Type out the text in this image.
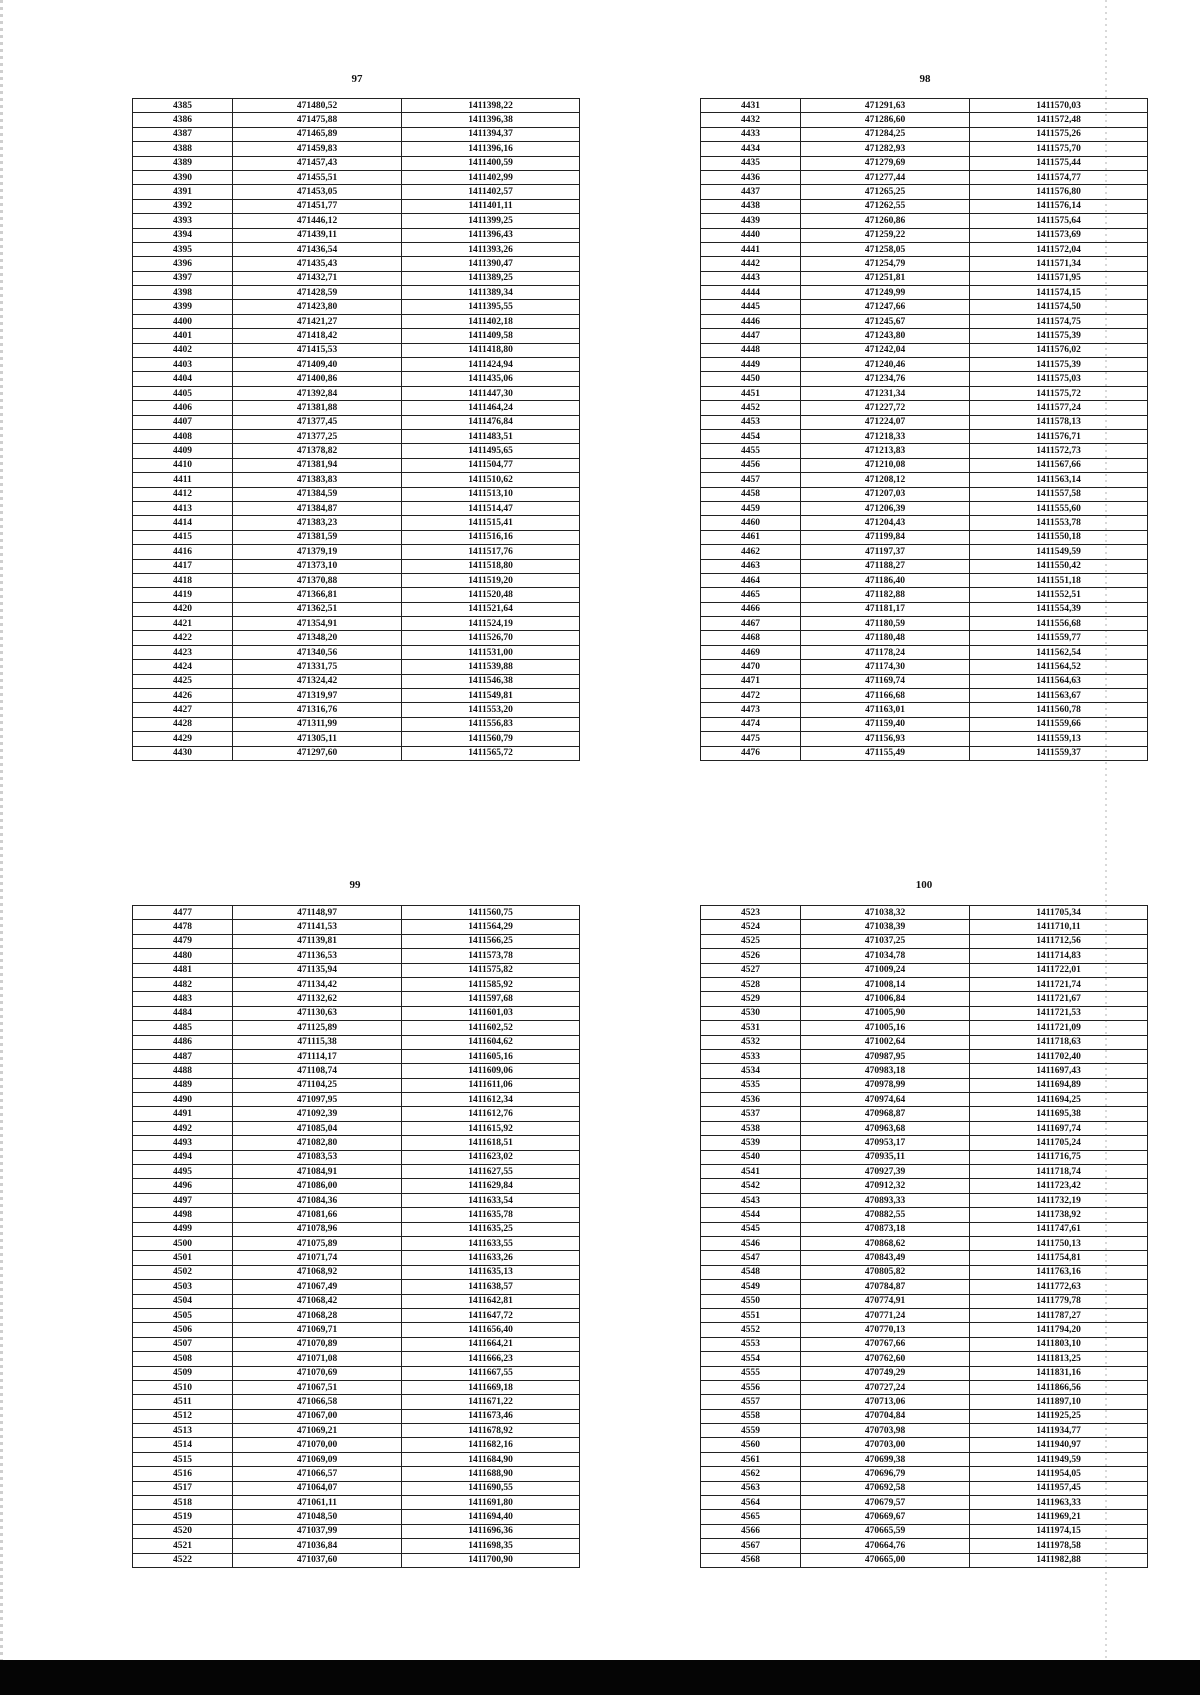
97
4385	471480,52	1411398,22
4386	471475,88	1411396,38
4387	471465,89	1411394,37
4388	471459,83	1411396,16
4389	471457,43	1411400,59
4390	471455,51	1411402,99
4391	471453,05	1411402,57
4392	471451,77	1411401,11
4393	471446,12	1411399,25
4394	471439,11	1411396,43
4395	471436,54	1411393,26
4396	471435,43	1411390,47
4397	471432,71	1411389,25
4398	471428,59	1411389,34
4399	471423,80	1411395,55
4400	471421,27	1411402,18
4401	471418,42	1411409,58
4402	471415,53	1411418,80
4403	471409,40	1411424,94
4404	471400,86	1411435,06
4405	471392,84	1411447,30
4406	471381,88	1411464,24
4407	471377,45	1411476,84
4408	471377,25	1411483,51
4409	471378,82	1411495,65
4410	471381,94	1411504,77
4411	471383,83	1411510,62
4412	471384,59	1411513,10
4413	471384,87	1411514,47
4414	471383,23	1411515,41
4415	471381,59	1411516,16
4416	471379,19	1411517,76
4417	471373,10	1411518,80
4418	471370,88	1411519,20
4419	471366,81	1411520,48
4420	471362,51	1411521,64
4421	471354,91	1411524,19
4422	471348,20	1411526,70
4423	471340,56	1411531,00
4424	471331,75	1411539,88
4425	471324,42	1411546,38
4426	471319,97	1411549,81
4427	471316,76	1411553,20
4428	471311,99	1411556,83
4429	471305,11	1411560,79
4430	471297,60	1411565,72
98
4431	471291,63	1411570,03
4432	471286,60	1411572,48
4433	471284,25	1411575,26
4434	471282,93	1411575,70
4435	471279,69	1411575,44
4436	471277,44	1411574,77
4437	471265,25	1411576,80
4438	471262,55	1411576,14
4439	471260,86	1411575,64
4440	471259,22	1411573,69
4441	471258,05	1411572,04
4442	471254,79	1411571,34
4443	471251,81	1411571,95
4444	471249,99	1411574,15
4445	471247,66	1411574,50
4446	471245,67	1411574,75
4447	471243,80	1411575,39
4448	471242,04	1411576,02
4449	471240,46	1411575,39
4450	471234,76	1411575,03
4451	471231,34	1411575,72
4452	471227,72	1411577,24
4453	471224,07	1411578,13
4454	471218,33	1411576,71
4455	471213,83	1411572,73
4456	471210,08	1411567,66
4457	471208,12	1411563,14
4458	471207,03	1411557,58
4459	471206,39	1411555,60
4460	471204,43	1411553,78
4461	471199,84	1411550,18
4462	471197,37	1411549,59
4463	471188,27	1411550,42
4464	471186,40	1411551,18
4465	471182,88	1411552,51
4466	471181,17	1411554,39
4467	471180,59	1411556,68
4468	471180,48	1411559,77
4469	471178,24	1411562,54
4470	471174,30	1411564,52
4471	471169,74	1411564,63
4472	471166,68	1411563,67
4473	471163,01	1411560,78
4474	471159,40	1411559,66
4475	471156,93	1411559,13
4476	471155,49	1411559,37
99
4477	471148,97	1411560,75
4478	471141,53	1411564,29
4479	471139,81	1411566,25
4480	471136,53	1411573,78
4481	471135,94	1411575,82
4482	471134,42	1411585,92
4483	471132,62	1411597,68
4484	471130,63	1411601,03
4485	471125,89	1411602,52
4486	471115,38	1411604,62
4487	471114,17	1411605,16
4488	471108,74	1411609,06
4489	471104,25	1411611,06
4490	471097,95	1411612,34
4491	471092,39	1411612,76
4492	471085,04	1411615,92
4493	471082,80	1411618,51
4494	471083,53	1411623,02
4495	471084,91	1411627,55
4496	471086,00	1411629,84
4497	471084,36	1411633,54
4498	471081,66	1411635,78
4499	471078,96	1411635,25
4500	471075,89	1411633,55
4501	471071,74	1411633,26
4502	471068,92	1411635,13
4503	471067,49	1411638,57
4504	471068,42	1411642,81
4505	471068,28	1411647,72
4506	471069,71	1411656,40
4507	471070,89	1411664,21
4508	471071,08	1411666,23
4509	471070,69	1411667,55
4510	471067,51	1411669,18
4511	471066,58	1411671,22
4512	471067,00	1411673,46
4513	471069,21	1411678,92
4514	471070,00	1411682,16
4515	471069,09	1411684,90
4516	471066,57	1411688,90
4517	471064,07	1411690,55
4518	471061,11	1411691,80
4519	471048,50	1411694,40
4520	471037,99	1411696,36
4521	471036,84	1411698,35
4522	471037,60	1411700,90
100
4523	471038,32	1411705,34
4524	471038,39	1411710,11
4525	471037,25	1411712,56
4526	471034,78	1411714,83
4527	471009,24	1411722,01
4528	471008,14	1411721,74
4529	471006,84	1411721,67
4530	471005,90	1411721,53
4531	471005,16	1411721,09
4532	471002,64	1411718,63
4533	470987,95	1411702,40
4534	470983,18	1411697,43
4535	470978,99	1411694,89
4536	470974,64	1411694,25
4537	470968,87	1411695,38
4538	470963,68	1411697,74
4539	470953,17	1411705,24
4540	470935,11	1411716,75
4541	470927,39	1411718,74
4542	470912,32	1411723,42
4543	470893,33	1411732,19
4544	470882,55	1411738,92
4545	470873,18	1411747,61
4546	470868,62	1411750,13
4547	470843,49	1411754,81
4548	470805,82	1411763,16
4549	470784,87	1411772,63
4550	470774,91	1411779,78
4551	470771,24	1411787,27
4552	470770,13	1411794,20
4553	470767,66	1411803,10
4554	470762,60	1411813,25
4555	470749,29	1411831,16
4556	470727,24	1411866,56
4557	470713,06	1411897,10
4558	470704,84	1411925,25
4559	470703,98	1411934,77
4560	470703,00	1411940,97
4561	470699,38	1411949,59
4562	470696,79	1411954,05
4563	470692,58	1411957,45
4564	470679,57	1411963,33
4565	470669,67	1411969,21
4566	470665,59	1411974,15
4567	470664,76	1411978,58
4568	470665,00	1411982,88
